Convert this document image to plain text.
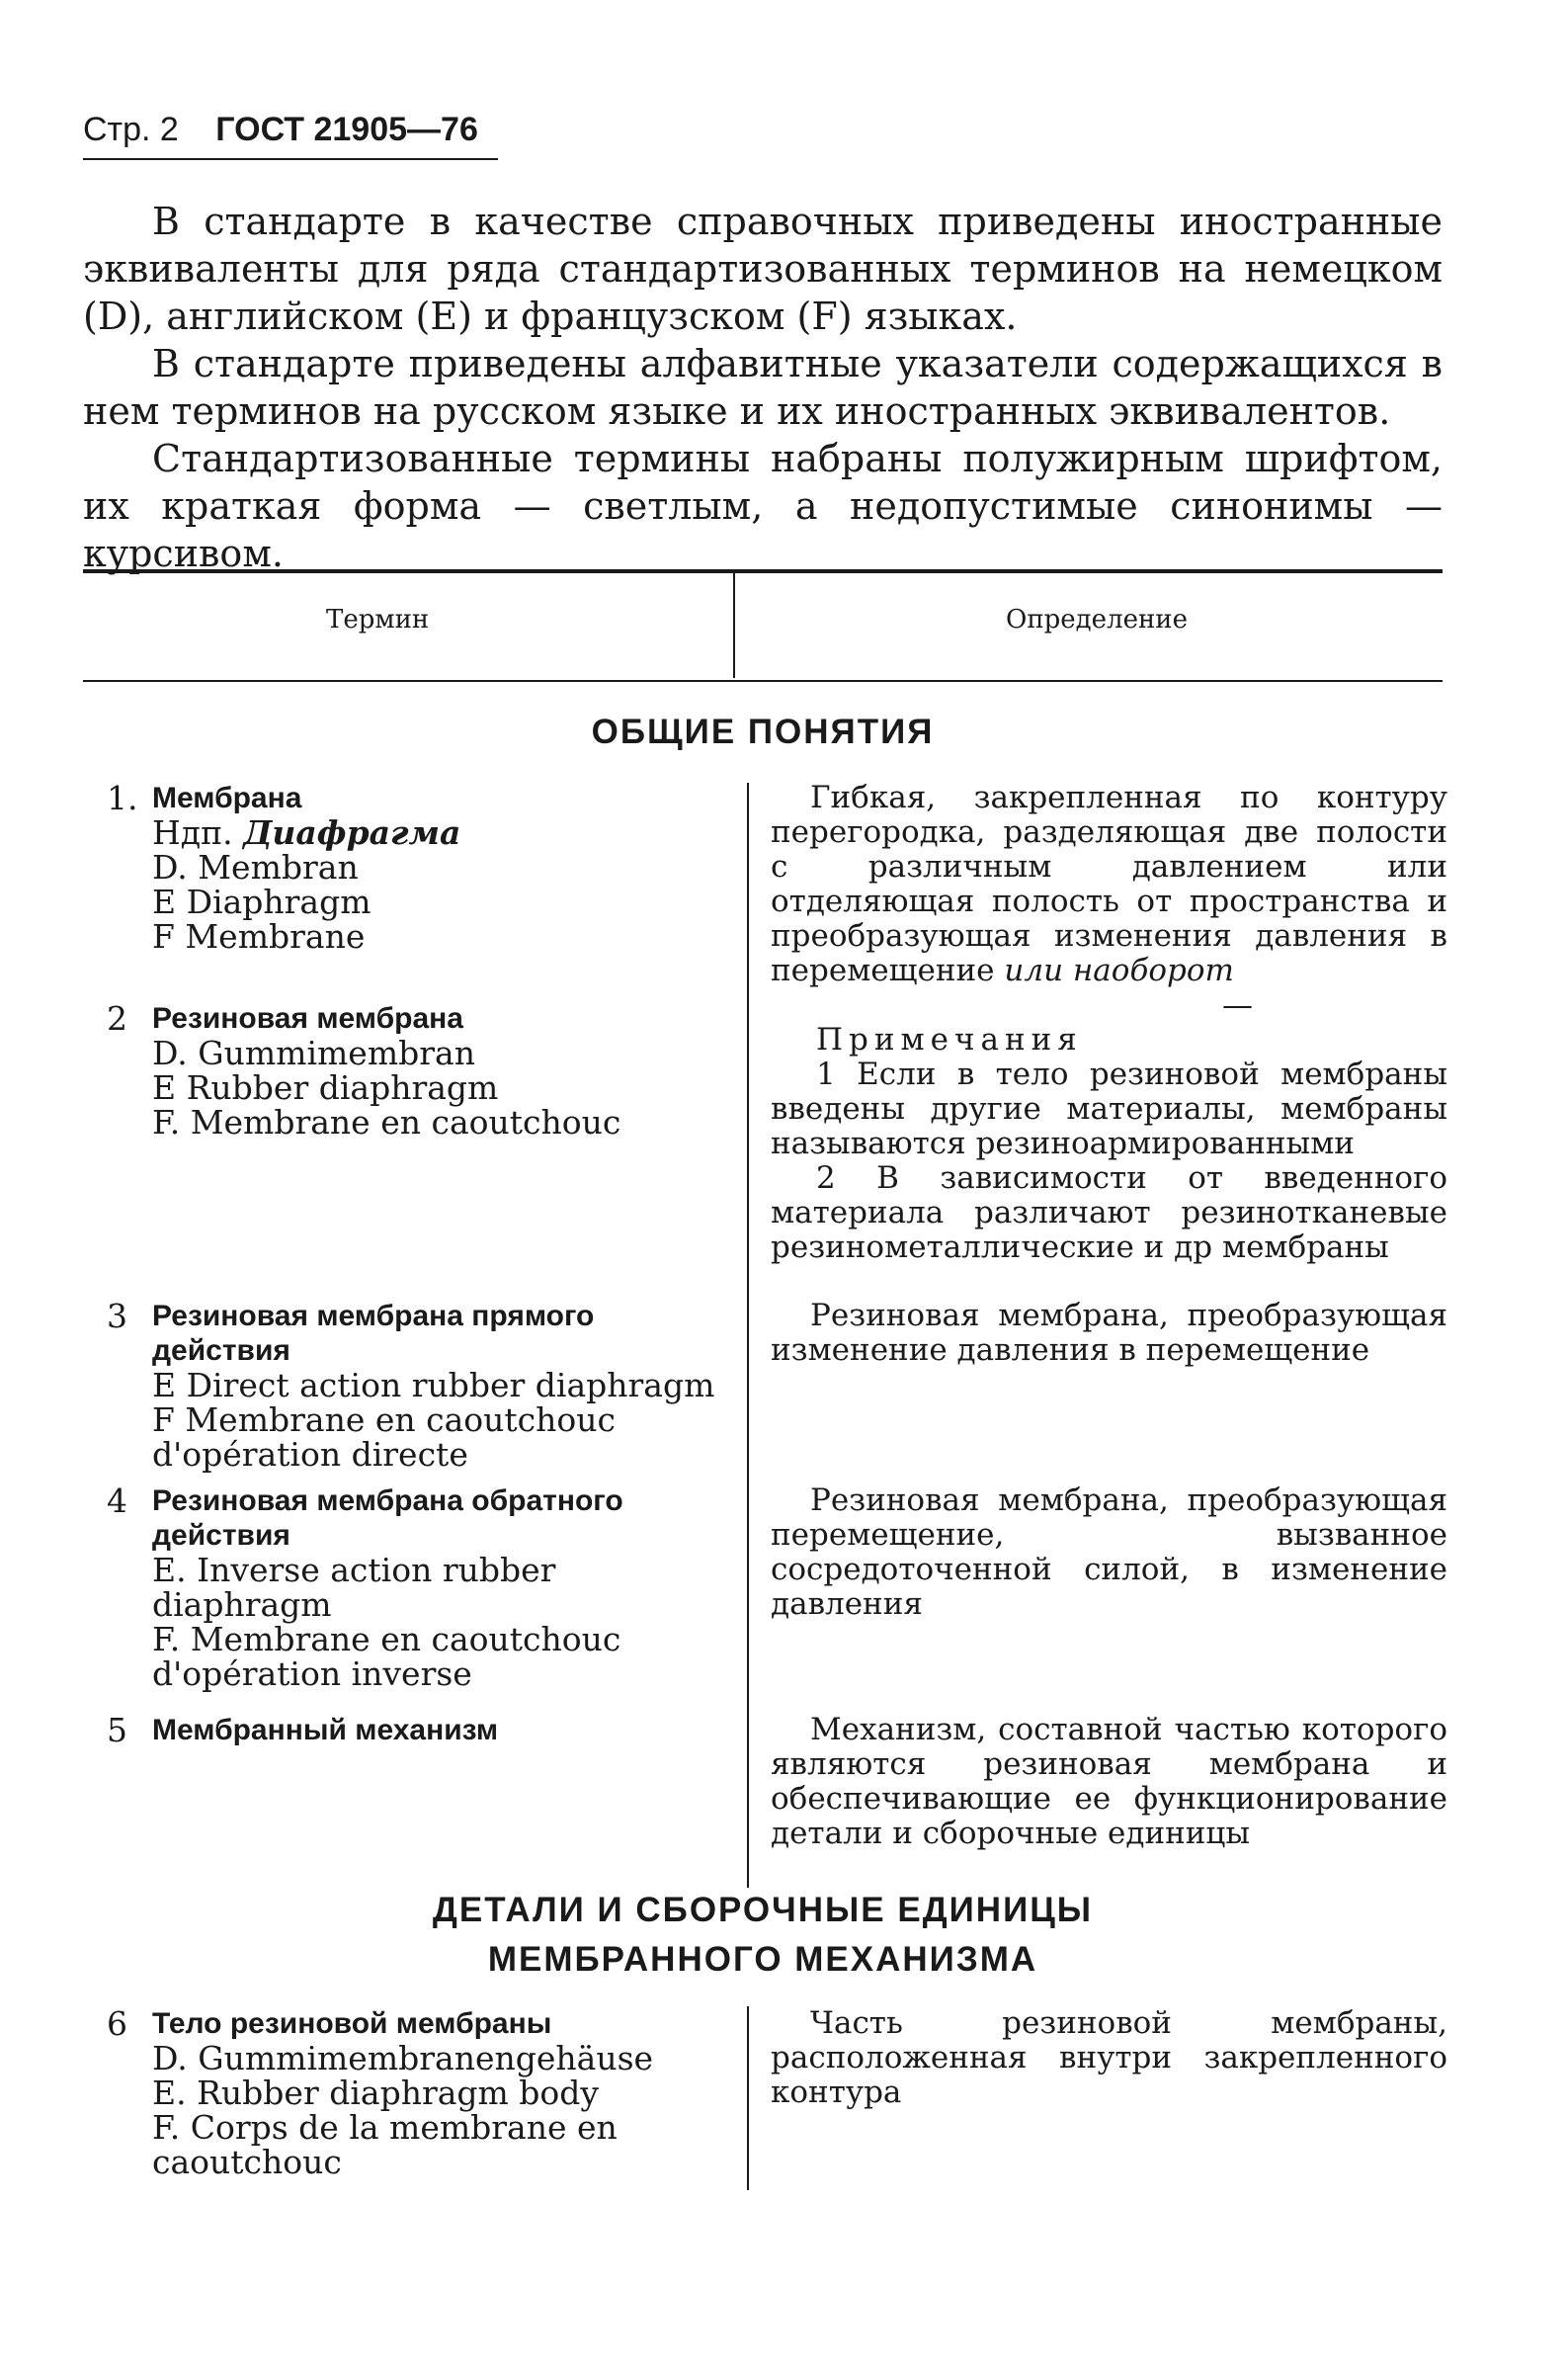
Стр. 2 ГОСТ 21905—76

В стандарте в качестве справочных приведены иностранные эквиваленты для ряда стандартизованных терминов на немецком (D), английском (E) и французском (F) языках.

В стандарте приведены алфавитные указатели содержащихся в нем терминов на русском языке и их иностранных эквивалентов.

Стандартизованные термины набраны полужирным шрифтом, их краткая форма — светлым, а недопустимые синонимы — курсивом.

Термин	Определение
ОБЩИЕ ПОНЯТИЯ
1. Мембрана
Ндп. Диафрагма
D. Membran
E Diaphragm
F Membrane

Гибкая, закрепленная по контуру перегородка, разделяющая две полости с различным давлением или отделяющая полость от пространства и преобразующая изменения давления в перемещение или наоборот

2 Резиновая мембрана
D. Gummimembran
E Rubber diaphragm
F. Membrane en caoutchouc
—
Примечания
1 Если в тело резиновой мембраны введены другие материалы, мембраны называются резиноармированными
2 В зависимости от введенного материала различают резинотканевые резинометаллические и др мембраны
3 Резиновая мембрана прямого действия
E Direct action rubber diaphragm
F Membrane en caoutchouc d'opération directe

Резиновая мембрана, преобразующая изменение давления в перемещение

4 Резиновая мембрана обратного действия
E. Inverse action rubber diaphragm
F. Membrane en caoutchouc d'opération inverse

Резиновая мембрана, преобразующая перемещение, вызванное сосредоточенной силой, в изменение давления

5 Мембранный механизм	Механизм, составной частью которого являются резиновая мембрана и обеспечивающие ее функционирование детали и сборочные единицы

ДЕТАЛИ И СБОРОЧНЫЕ ЕДИНИЦЫ
МЕМБРАННОГО МЕХАНИЗМА
6 Тело резиновой мембраны
D. Gummimembranengehäuse
E. Rubber diaphragm body
F. Corps de la membrane en caoutchouc

Часть резиновой мембраны, расположенная внутри закрепленного контура
